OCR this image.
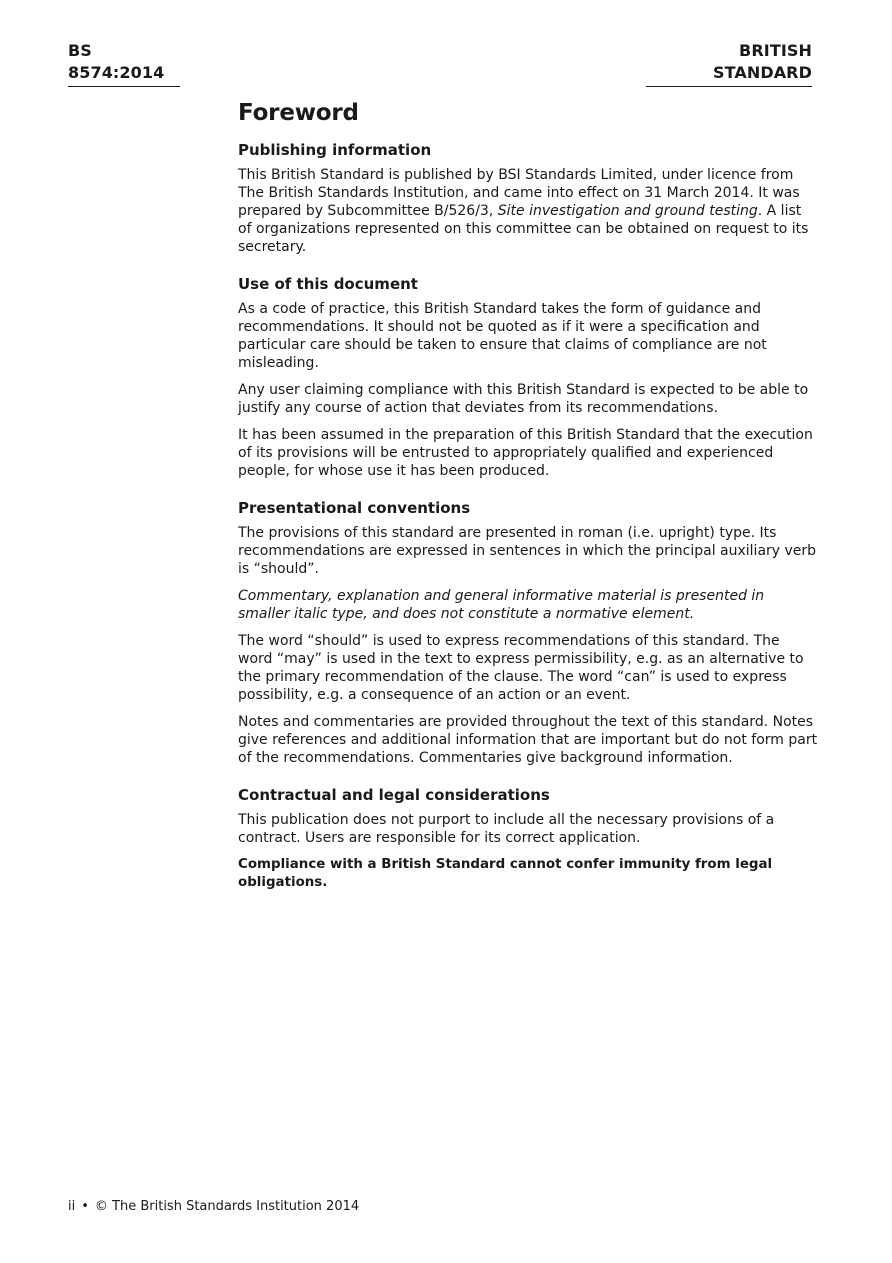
BS 8574:2014
BRITISH STANDARD
Foreword
Publishing information

This British Standard is published by BSI Standards Limited, under licence from The British Standards Institution, and came into effect on 31 March 2014. It was prepared by Subcommittee B/526/3, Site investigation and ground testing. A list of organizations represented on this committee can be obtained on request to its secretary.

Use of this document

As a code of practice, this British Standard takes the form of guidance and recommendations. It should not be quoted as if it were a specification and particular care should be taken to ensure that claims of compliance are not misleading.

Any user claiming compliance with this British Standard is expected to be able to justify any course of action that deviates from its recommendations.

It has been assumed in the preparation of this British Standard that the execution of its provisions will be entrusted to appropriately qualified and experienced people, for whose use it has been produced.

Presentational conventions

The provisions of this standard are presented in roman (i.e. upright) type. Its recommendations are expressed in sentences in which the principal auxiliary verb is “should”.

Commentary, explanation and general informative material is presented in smaller italic type, and does not constitute a normative element.

The word “should” is used to express recommendations of this standard. The word “may” is used in the text to express permissibility, e.g. as an alternative to the primary recommendation of the clause. The word “can” is used to express possibility, e.g. a consequence of an action or an event.

Notes and commentaries are provided throughout the text of this standard. Notes give references and additional information that are important but do not form part of the recommendations. Commentaries give background information.

Contractual and legal considerations

This publication does not purport to include all the necessary provisions of a contract. Users are responsible for its correct application.

Compliance with a British Standard cannot confer immunity from legal obligations.

ii • © The British Standards Institution 2014
